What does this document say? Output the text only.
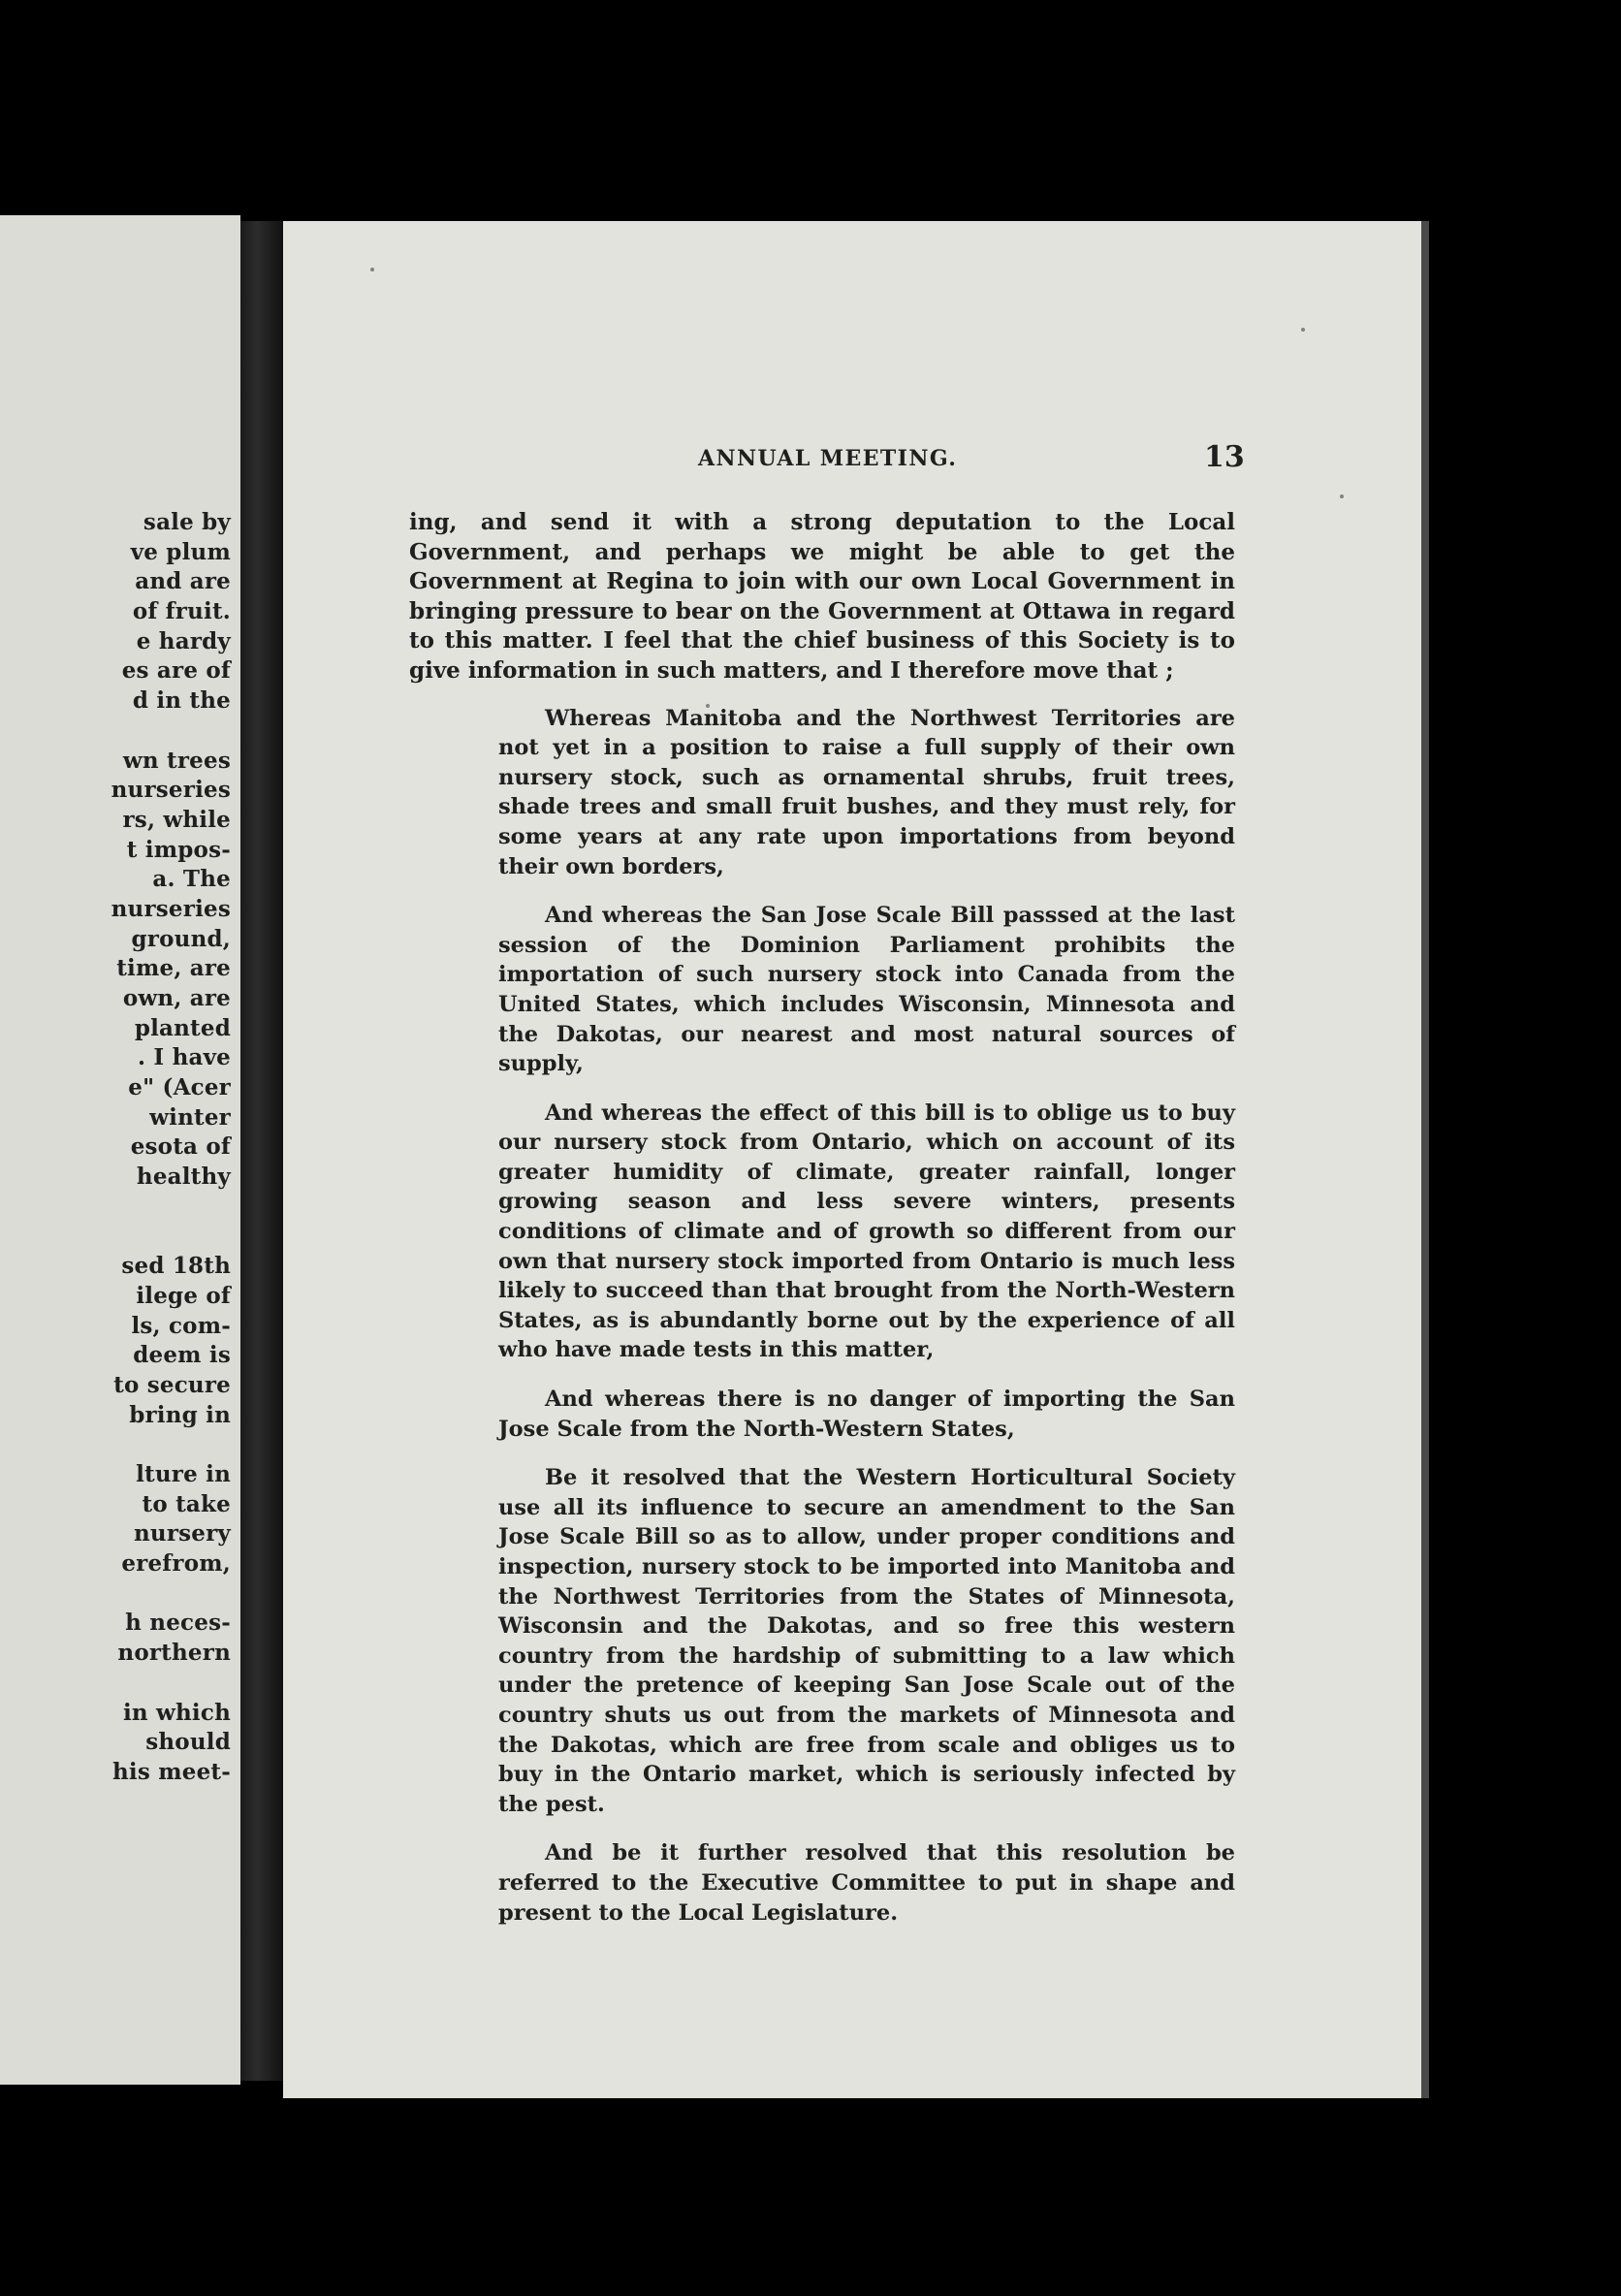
sale by
ve plum
and are
of fruit.
e hardy
es are of
d in the
wn trees
nurseries
rs, while
t impos-
a. The
nurseries
ground,
time, are
own, are
planted
. I have
e" (Acer
winter
esota of
healthy
sed 18th
ilege of
ls, com-
deem is
to secure
bring in
lture in
to take
nursery
erefrom,
h neces-
northern
in which
should
his meet-
ANNUAL MEETING.	13

ing, and send it with a strong deputation to the Local Government, and perhaps we might be able to get the Government at Regina to join with our own Local Government in bringing pressure to bear on the Government at Ottawa in regard to this matter. I feel that the chief business of this Society is to give information in such matters, and I therefore move that ;

Whereas Manitoba and the Northwest Territories are not yet in a position to raise a full supply of their own nursery stock, such as ornamental shrubs, fruit trees, shade trees and small fruit bushes, and they must rely, for some years at any rate upon importations from beyond their own borders,

And whereas the San Jose Scale Bill passsed at the last session of the Dominion Parliament prohibits the importation of such nursery stock into Canada from the United States, which includes Wisconsin, Minnesota and the Dakotas, our nearest and most natural sources of supply,

And whereas the effect of this bill is to oblige us to buy our nursery stock from Ontario, which on account of its greater humidity of climate, greater rainfall, longer growing season and less severe winters, presents conditions of climate and of growth so different from our own that nursery stock imported from Ontario is much less likely to succeed than that brought from the North-Western States, as is abundantly borne out by the experience of all who have made tests in this matter,

And whereas there is no danger of importing the San Jose Scale from the North-Western States,

Be it resolved that the Western Horticultural Society use all its influence to secure an amendment to the San Jose Scale Bill so as to allow, under proper conditions and inspection, nursery stock to be imported into Manitoba and the Northwest Territories from the States of Minnesota, Wisconsin and the Dakotas, and so free this western country from the hardship of submitting to a law which under the pretence of keeping San Jose Scale out of the country shuts us out from the markets of Minnesota and the Dakotas, which are free from scale and obliges us to buy in the Ontario market, which is seriously infected by the pest.

And be it further resolved that this resolution be referred to the Executive Committee to put in shape and present to the Local Legislature.
